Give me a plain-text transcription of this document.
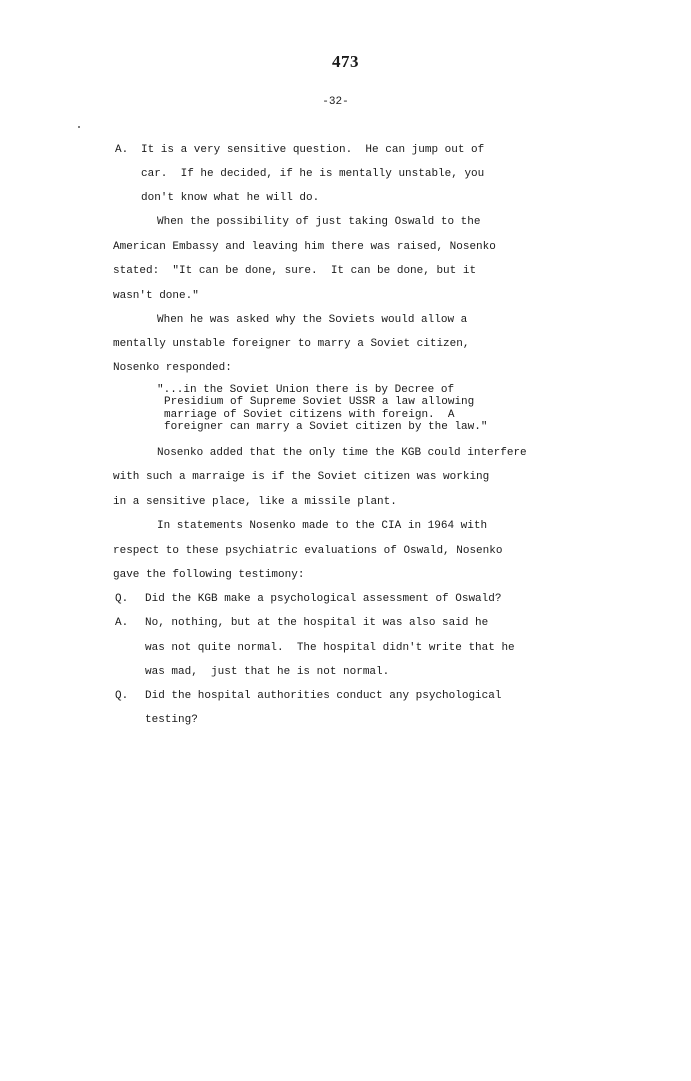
473
-32-
A. It is a very sensitive question.  He can jump out of
car.  If he decided, if he is mentally unstable, you
don't know what he will do.
When the possibility of just taking Oswald to the
American Embassy and leaving him there was raised, Nosenko
stated:  "It can be done, sure.  It can be done, but it
wasn't done."
When he was asked why the Soviets would allow a
mentally unstable foreigner to marry a Soviet citizen,
Nosenko responded:
"...in the Soviet Union there is by Decree of
Presidium of Supreme Soviet USSR a law allowing
marriage of Soviet citizens with foreign.  A
foreigner can marry a Soviet citizen by the law."
Nosenko added that the only time the KGB could interfere
with such a marraige is if the Soviet citizen was working
in a sensitive place, like a missile plant.
In statements Nosenko made to the CIA in 1964 with
respect to these psychiatric evaluations of Oswald, Nosenko
gave the following testimony:
Q. Did the KGB make a psychological assessment of Oswald?
A. No, nothing, but at the hospital it was also said he
was not quite normal.  The hospital didn't write that he
was mad,  just that he is not normal.
Q. Did the hospital authorities conduct any psychological
testing?
